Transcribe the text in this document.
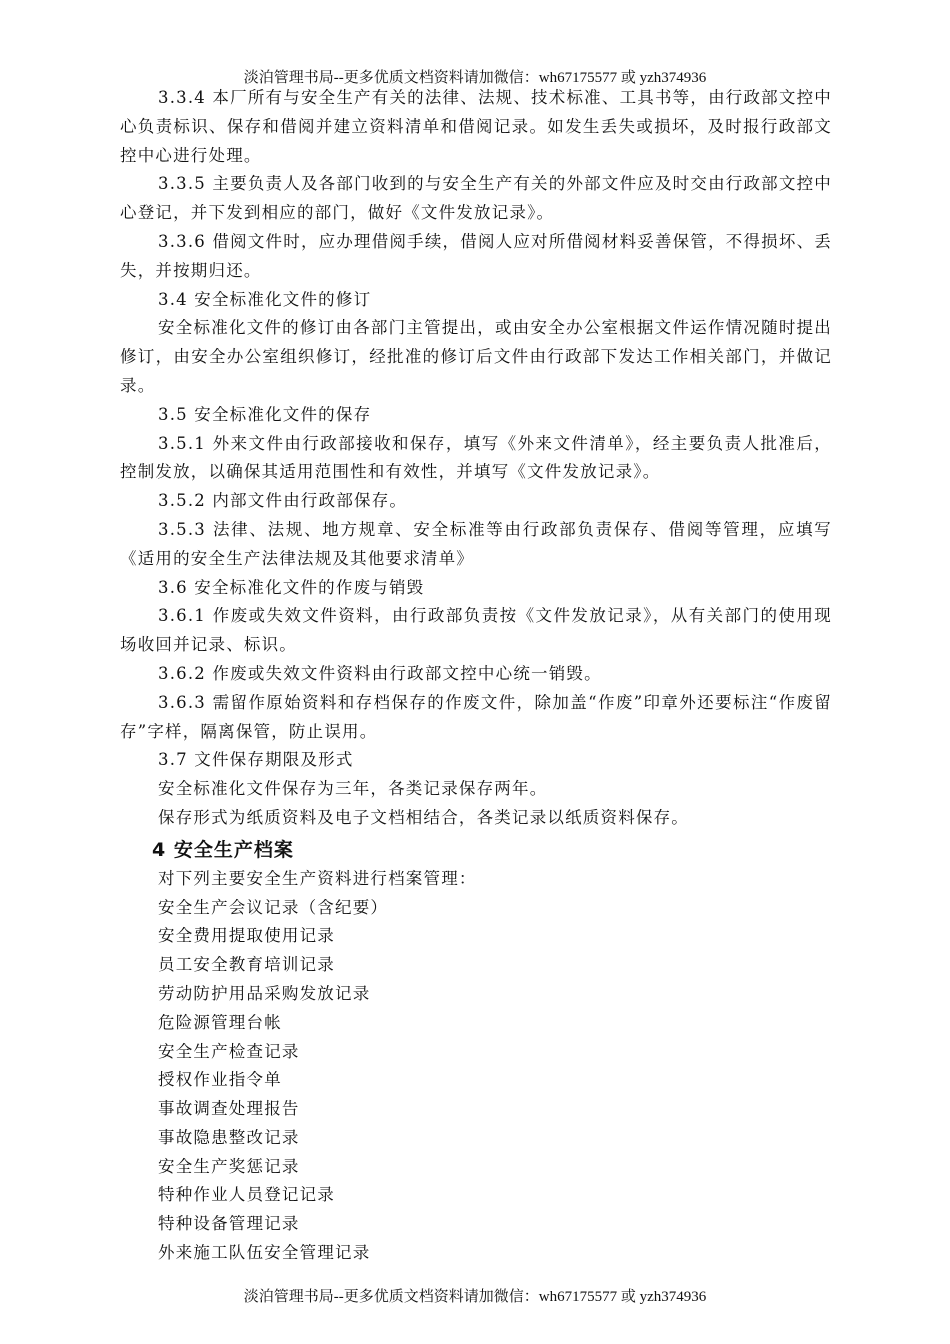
淡泊管理书局--更多优质文档资料请加微信：wh67175577 或 yzh374936

3.3.4 本厂所有与安全生产有关的法律、法规、技术标准、工具书等，由行政部文控中心负责标识、保存和借阅并建立资料清单和借阅记录。如发生丢失或损坏，及时报行政部文控中心进行处理。

3.3.5 主要负责人及各部门收到的与安全生产有关的外部文件应及时交由行政部文控中心登记，并下发到相应的部门，做好《文件发放记录》。

3.3.6 借阅文件时，应办理借阅手续，借阅人应对所借阅材料妥善保管，不得损坏、丢失，并按期归还。

3.4 安全标准化文件的修订

安全标准化文件的修订由各部门主管提出，或由安全办公室根据文件运作情况随时提出修订，由安全办公室组织修订，经批准的修订后文件由行政部下发达工作相关部门，并做记录。

3.5 安全标准化文件的保存

3.5.1 外来文件由行政部接收和保存，填写《外来文件清单》，经主要负责人批准后，控制发放，以确保其适用范围性和有效性，并填写《文件发放记录》。

3.5.2 内部文件由行政部保存。

3.5.3 法律、法规、地方规章、安全标准等由行政部负责保存、借阅等管理，应填写《适用的安全生产法律法规及其他要求清单》

3.6 安全标准化文件的作废与销毁

3.6.1 作废或失效文件资料，由行政部负责按《文件发放记录》，从有关部门的使用现场收回并记录、标识。

3.6.2 作废或失效文件资料由行政部文控中心统一销毁。

3.6.3 需留作原始资料和存档保存的作废文件，除加盖“作废”印章外还要标注“作废留存”字样，隔离保管，防止误用。

3.7 文件保存期限及形式

安全标准化文件保存为三年，各类记录保存两年。

保存形式为纸质资料及电子文档相结合，各类记录以纸质资料保存。

4 安全生产档案

对下列主要安全生产资料进行档案管理：

安全生产会议记录（含纪要）

安全费用提取使用记录

员工安全教育培训记录

劳动防护用品采购发放记录

危险源管理台帐

安全生产检查记录

授权作业指令单

事故调查处理报告

事故隐患整改记录

安全生产奖惩记录

特种作业人员登记记录

特种设备管理记录

外来施工队伍安全管理记录

淡泊管理书局--更多优质文档资料请加微信：wh67175577 或 yzh374936
